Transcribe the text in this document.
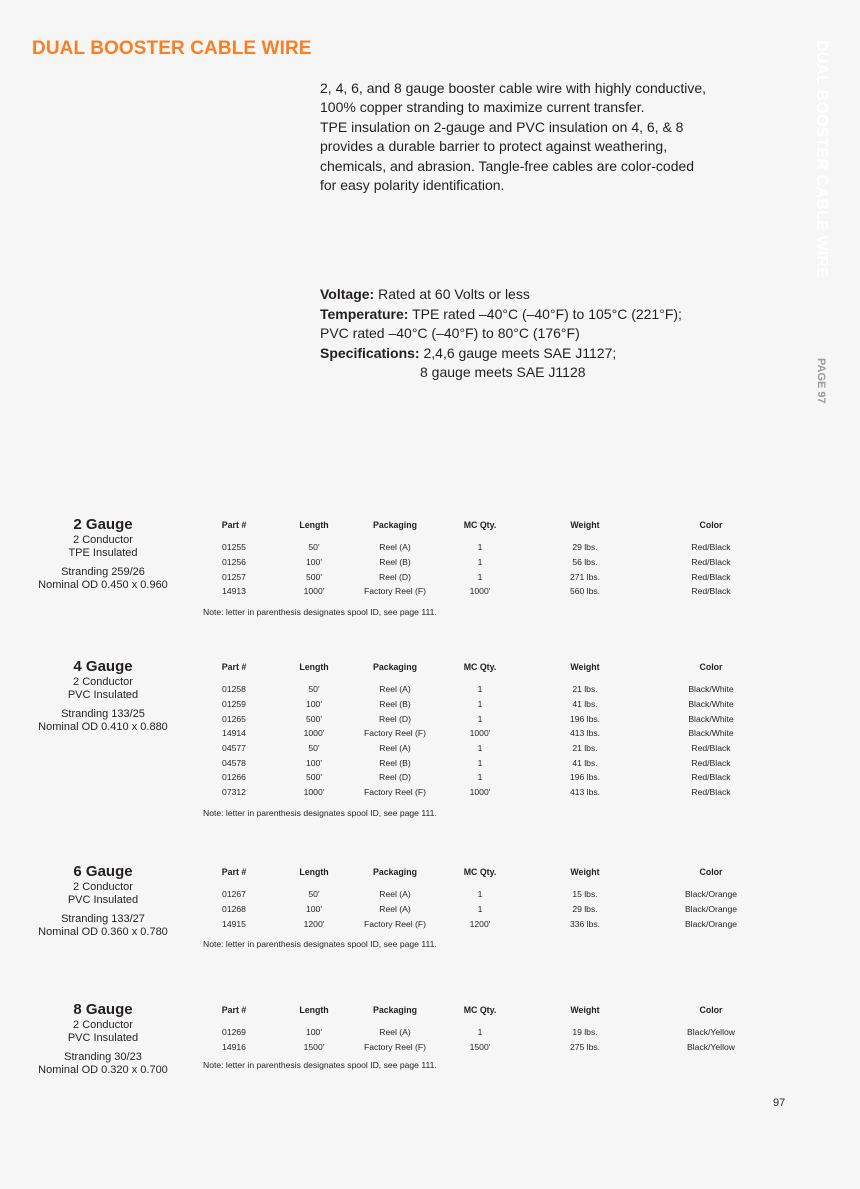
DUAL BOOSTER CABLE WIRE
2, 4, 6, and 8 gauge booster cable wire with highly conductive,
100% copper stranding to maximize current transfer.
TPE insulation on 2-gauge and PVC insulation on 4, 6, & 8
provides a durable barrier to protect against weathering,
chemicals, and abrasion. Tangle-free cables are color-coded
for easy polarity identification.
Voltage: Rated at 60 Volts or less
Temperature: TPE rated –40°C (–40°F) to 105°C (221°F);
PVC rated –40°C (–40°F) to 80°C (176°F)
Specifications: 2,4,6 gauge meets SAE J1127;
8 gauge meets SAE J1128
DUAL BOOSTER CABLE WIRE
PAGE 97
2 Gauge
2 Conductor
TPE Insulated
Stranding 259/26
Nominal OD 0.450 x 0.960
Part #	Length	Packaging	MC Qty.	Weight	Color
01255	50'	Reel (A)	1	29 lbs.	Red/Black
01256	100'	Reel (B)	1	56 lbs.	Red/Black
01257	500'	Reel (D)	1	271 lbs.	Red/Black
14913	1000'	Factory Reel (F)	1000'	560 lbs.	Red/Black
Note: letter in parenthesis designates spool ID, see page 111.
4 Gauge
2 Conductor
PVC Insulated
Stranding 133/25
Nominal OD 0.410 x 0.880
Part #	Length	Packaging	MC Qty.	Weight	Color
01258	50'	Reel (A)	1	21 lbs.	Black/White
01259	100'	Reel (B)	1	41 lbs.	Black/White
01265	500'	Reel (D)	1	196 lbs.	Black/White
14914	1000'	Factory Reel (F)	1000'	413 lbs.	Black/White
04577	50'	Reel (A)	1	21 lbs.	Red/Black
04578	100'	Reel (B)	1	41 lbs.	Red/Black
01266	500'	Reel (D)	1	196 lbs.	Red/Black
07312	1000'	Factory Reel (F)	1000'	413 lbs.	Red/Black
Note: letter in parenthesis designates spool ID, see page 111.
6 Gauge
2 Conductor
PVC Insulated
Stranding 133/27
Nominal OD 0.360 x 0.780
Part #	Length	Packaging	MC Qty.	Weight	Color
01267	50'	Reel (A)	1	15 lbs.	Black/Orange
01268	100'	Reel (A)	1	29 lbs.	Black/Orange
14915	1200'	Factory Reel (F)	1200'	336 lbs.	Black/Orange
Note: letter in parenthesis designates spool ID, see page 111.
8 Gauge
2 Conductor
PVC Insulated
Stranding 30/23
Nominal OD 0.320 x 0.700
Part #	Length	Packaging	MC Qty.	Weight	Color
01269	100'	Reel (A)	1	19 lbs.	Black/Yellow
14916	1500'	Factory Reel (F)	1500'	275 lbs.	Black/Yellow
Note: letter in parenthesis designates spool ID, see page 111.
97
